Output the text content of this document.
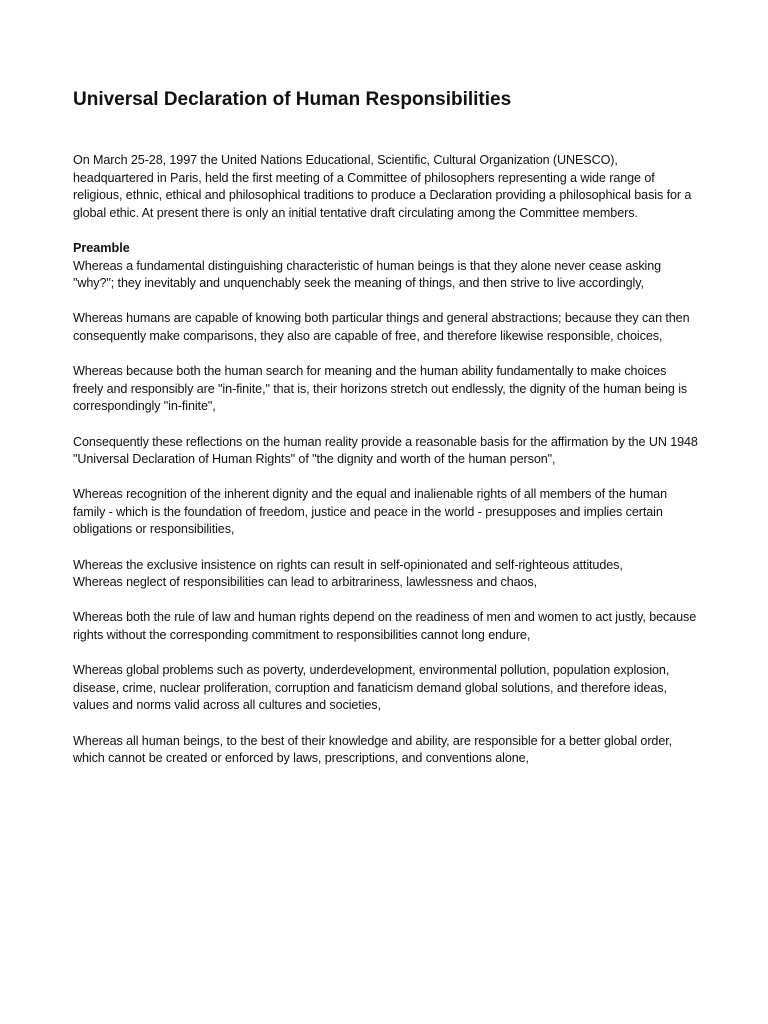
Universal Declaration of Human Responsibilities

On March 25-28, 1997 the United Nations Educational, Scientific, Cultural Organization (UNESCO), headquartered in Paris, held the first meeting of a Committee of philosophers representing a wide range of religious, ethnic, ethical and philosophical traditions to produce a Declaration providing a philosophical basis for a global ethic. At present there is only an initial tentative draft circulating among the Committee members.

Preamble

Whereas a fundamental distinguishing characteristic of human beings is that they alone never cease asking "why?"; they inevitably and unquenchably seek the meaning of things, and then strive to live accordingly,

Whereas humans are capable of knowing both particular things and general abstractions; because they can then consequently make comparisons, they also are capable of free, and therefore likewise responsible, choices,

Whereas because both the human search for meaning and the human ability fundamentally to make choices freely and responsibly are "in-finite," that is, their horizons stretch out endlessly, the dignity of the human being is correspondingly "in-finite",

Consequently these reflections on the human reality provide a reasonable basis for the affirmation by the UN 1948 "Universal Declaration of Human Rights" of "the dignity and worth of the human person",

Whereas recognition of the inherent dignity and the equal and inalienable rights of all members of the human family - which is the foundation of freedom, justice and peace in the world - presupposes and implies certain obligations or responsibilities,

Whereas the exclusive insistence on rights can result in self-opinionated and self-righteous attitudes,

Whereas neglect of responsibilities can lead to arbitrariness, lawlessness and chaos,

Whereas both the rule of law and human rights depend on the readiness of men and women to act justly, because rights without the corresponding commitment to responsibilities cannot long endure,

Whereas global problems such as poverty, underdevelopment, environmental pollution, population explosion, disease, crime, nuclear proliferation, corruption and fanaticism demand global solutions, and therefore ideas, values and norms valid across all cultures and societies,

Whereas all human beings, to the best of their knowledge and ability, are responsible for a better global order, which cannot be created or enforced by laws, prescriptions, and conventions alone,
